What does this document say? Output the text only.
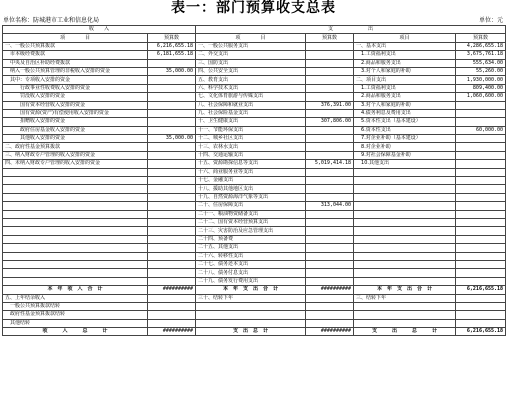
表一：部门预算收支总表
单位名称：防城港市工业和信息化局	单位：元
收　　入		支　　　　　　　出			
项　　　　目	预算数	项　　　　目	预算数	项目	预算数
一、一般公共预算拨款	6,216,655.18	一、一般公共服务支出		一、基本支出	4,286,655.18
　市本级经费拨款	6,181,655.18	二、外交支出		　1.工资福利支出	3,675,761.18
　中央及自治区补助经费拨款		三、国防支出		　2.商品和服务支出	555,634.00
　纳入一般公共预算管理的非税收入安排的资金	35,000.00	四、公共安全支出		　3.对个人和家庭的补助	55,260.00
　其中：专项收入安排的资金		五、教育支出		二、项目支出	1,930,000.00
　　　行政事业性收费收入安排的资金		六、科学技术支出		　1.工资福利支出	809,400.00
　　　罚没收入安排的资金		七、文化体育旅游与传媒支出		　2.商品和服务支出	1,060,600.00
　　　国有资本经营收入安排的资金		八、社会保障和就业支出	376,391.00	　3.对个人和家庭的补助	
　　　国有资源(资产)有偿使用收入安排的资金		九、社会保险基金支出		　4.债务利息及费用支出	
　　　捐赠收入安排的资金		十、卫生健康支出	307,806.00	　5.资本性支出（基本建设）	
　　　政府住房基金收入安排的资金		十一、节能环保支出		　6.资本性支出	60,000.00
　　　其他收入安排的资金	35,000.00	十二、城乡社区支出		　7.对企业补助（基本建设）	
二、政府性基金预算拨款		十三、农林水支出		　8.对企业补助	
三、纳入财政专户管理的收入安排的资金		十四、交通运输支出		　9.对社会保障基金补助	
四、未纳入财政专户管理的收入安排的资金		十五、资源勘探信息等支出	5,019,414.18	　10.其他支出	
		十六、商业服务业等支出			
		十七、金融支出			
		十八、援助其他地区支出			
		十九、自然资源海洋气象等支出			
		二十、住房保障支出	313,044.00		
		二十一、粮油物资储备支出			
		二十二、国有资本经营预算支出			
		二十三、灾害防治及应急管理支出			
		二十四、预备费			
		二十五、其他支出			
		二十六、转移性支出			
		二十七、债务还本支出			
		二十八、债务付息支出			
		二十九、债务发行费用支出			
本　年　收　入　合　计	##########	本　年　支　出　合　计	##########	本　年　支　出　合　计	6,216,655.18
五、上年结余收入		三十、结转下年		三、结转下年	
　一般公共预算拨款结转					
　政府性基金预算拨款结转					
　其他结转					
收　　　入　　　总　　　计	##########	支　出　总　计	##########	支　　　出　　　总　　　计	6,216,655.18
